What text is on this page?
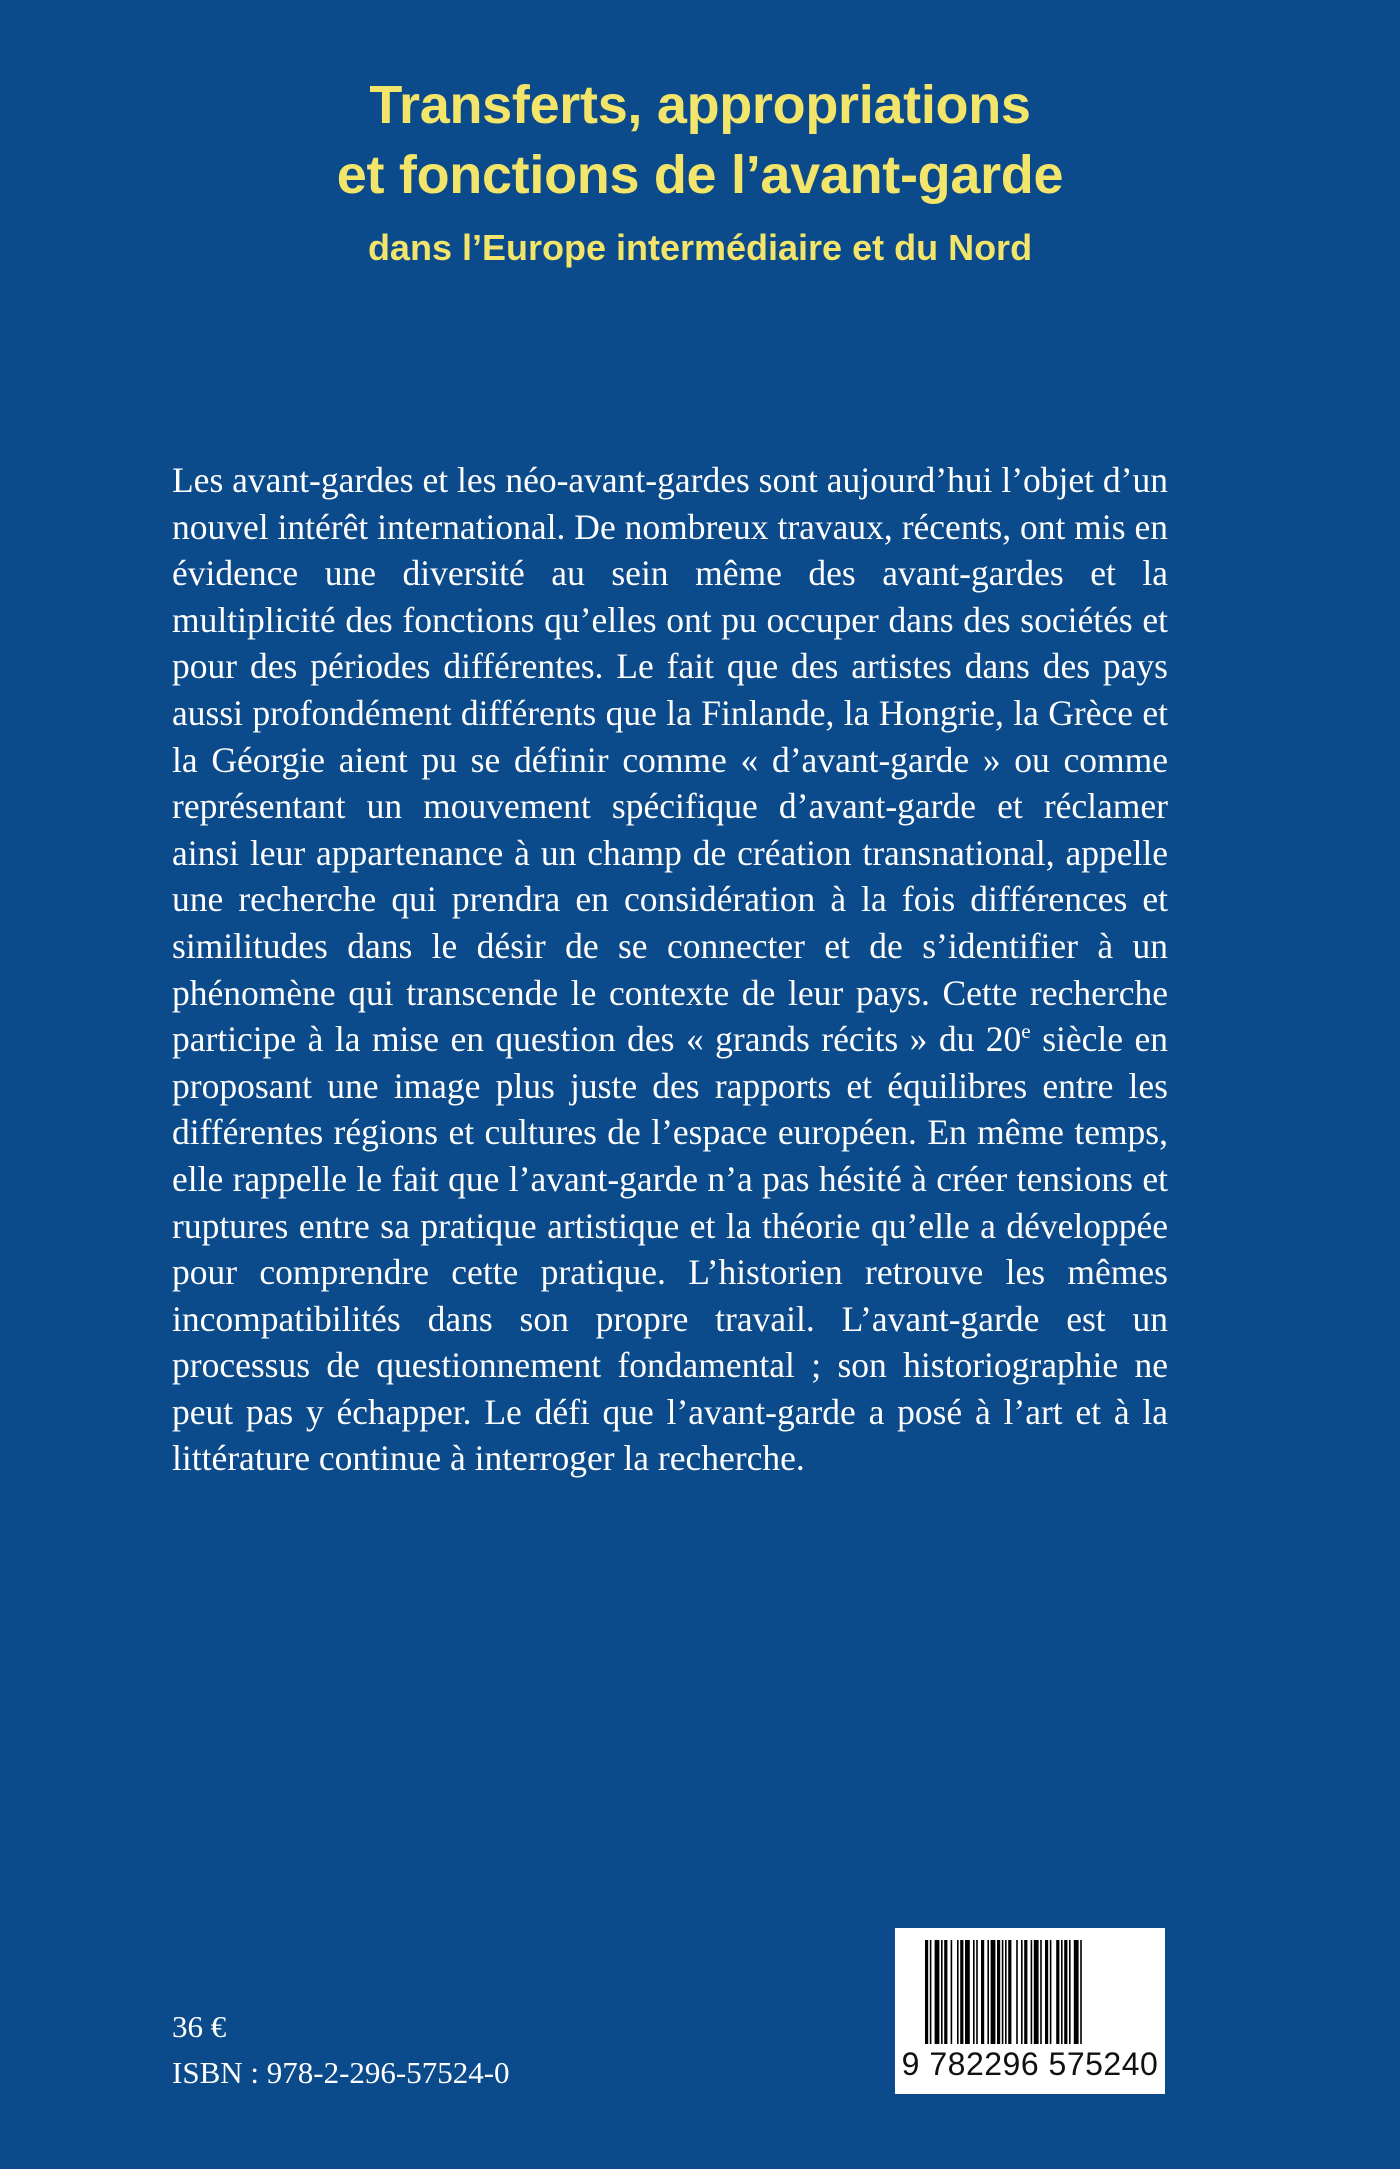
Transferts, appropriations
et fonctions de l’avant-garde
dans l’Europe intermédiaire et du Nord

Les avant-gardes et les néo-avant-gardes sont aujourd’hui l’objet d’un nouvel intérêt international. De nombreux travaux, récents, ont mis en évidence une diversité au sein même des avant-gardes et la multiplicité des fonctions qu’elles ont pu occuper dans des sociétés et pour des périodes différentes. Le fait que des artistes dans des pays aussi profondément différents que la Finlande, la Hongrie, la Grèce et la Géorgie aient pu se définir comme « d’avant-garde » ou comme représentant un mouvement spécifique d’avant-garde et réclamer ainsi leur appartenance à un champ de création transnational, appelle une recherche qui prendra en considération à la fois différences et similitudes dans le désir de se connecter et de s’identifier à un phénomène qui transcende le contexte de leur pays. Cette recherche participe à la mise en question des « grands récits » du 20e siècle en proposant une image plus juste des rapports et équilibres entre les différentes régions et cultures de l’espace européen. En même temps, elle rappelle le fait que l’avant-garde n’a pas hésité à créer tensions et ruptures entre sa pratique artistique et la théorie qu’elle a développée pour comprendre cette pratique. L’historien retrouve les mêmes incompatibilités dans son propre travail. L’avant-garde est un processus de questionnement fondamental ; son historiographie ne peut pas y échapper. Le défi que l’avant-garde a posé à l’art et à la littérature continue à interroger la recherche.

36 €
ISBN : 978-2-296-57524-0	9 782296 575240
